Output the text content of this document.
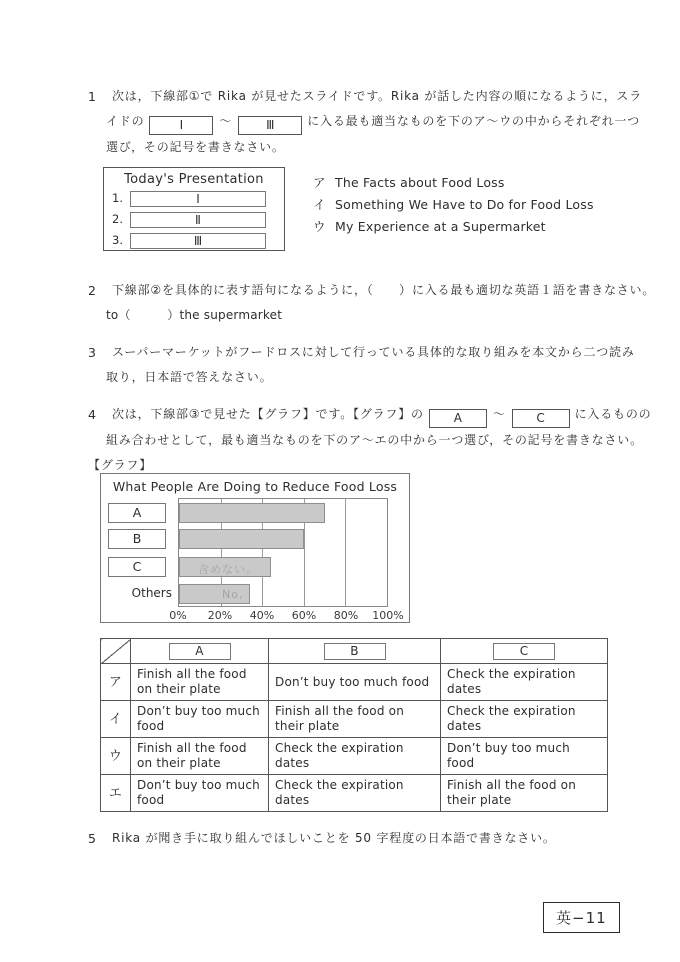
1 次は，下線部①で Rika が見せたスライドです。Rika が話した内容の順になるように，スラ
イドの	Ⅰ	～	Ⅲ	に入る最も適当なものを下のア～ウの中からそれぞれ一つ
選び，その記号を書きなさい。
Today's Presentation
1.	Ⅰ
2.	Ⅱ
3.	Ⅲ
ア The Facts about Food Loss
イ Something We Have to Do for Food Loss
ウ My Experience at a Supermarket
2 下線部②を具体的に表す語句になるように，（　　）に入る最も適切な英語１語を書きなさい。
to（　　　）the supermarket
3 スーパーマーケットがフードロスに対して行っている具体的な取り組みを本文から二つ読み
取り，日本語で答えなさい。
4 次は，下線部③で見せた【グラフ】です。【グラフ】の A	～	C に入るものの
組み合わせとして，最も適当なものを下のア～エの中から一つ選び，その記号を書きなさい。
【グラフ】
What People Are Doing to Reduce Food Loss
含めない。
No,
A
B
C
Others
0% 20% 40% 60% 80% 100%
	A	B	C
ア	Finish all the food on their plate	Don’t buy too much food	Check the expiration dates
イ	Don’t buy too much food	Finish all the food on their plate	Check the expiration dates
ウ	Finish all the food on their plate	Check the expiration dates	Don’t buy too much food
エ	Don’t buy too much food	Check the expiration dates	Finish all the food on their plate
5 Rika が聞き手に取り組んでほしいことを 50 字程度の日本語で書きなさい。
英−11
